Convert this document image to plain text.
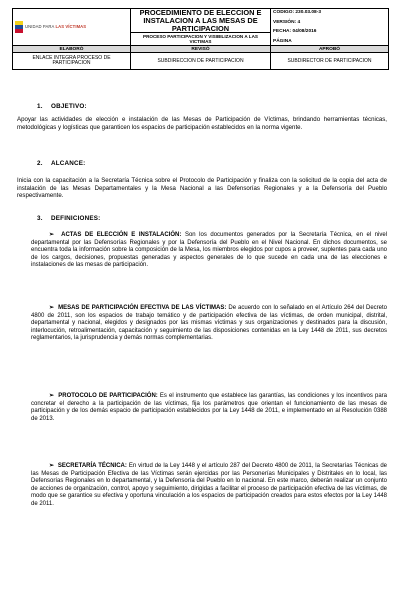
UNIDAD PARA LAS VÍCTIMAS	PROCEDIMIENTO DE ELECCION E INSTALACION A LAS MESAS DE PARTICIPACION	CODIGO: 230.03.08-3
VERSIÓN: 4
FECHA: 04/08/2016
PÁGINA

	PROCESO PARTICIPACION Y VISIBILIZACION A LAS VICTIMAS	
ELABORÓ	REVISÓ	APROBÓ
ENLACE INTEGRA PROCESO DE PARTICIPACION	SUBDIRECCION DE PARTICIPACION	SUBDIRECTOR DE PARTICIPACION
1. OBJETIVO:

Apoyar las actividades de elección e instalación de las Mesas de Participación de Víctimas, brindando herramientas técnicas, metodológicas y logísticas que garanticen los espacios de participación establecidos en la norma vigente.

2. ALCANCE:

Inicia con la capacitación a la Secretaría Técnica sobre el Protocolo de Participación y finaliza con la solicitud de la copia del acta de instalación de las Mesas Departamentales y la Mesa Nacional a las Defensorías Regionales y a la Defensoría del Pueblo respectivamente.

3. DEFINICIONES:

➢ ACTAS DE ELECCIÓN E INSTALACIÓN: Son los documentos generados por la Secretaría Técnica, en el nivel departamental por las Defensorías Regionales y por la Defensoría del Pueblo en el Nivel Nacional. En dichos documentos, se encuentra toda la información sobre la composición de la Mesa, los miembros elegidos por cupos a proveer, suplentes para cada uno de los cargos, decisiones, propuestas generadas y aspectos generales de lo que sucede en cada una de las elecciones e instalaciones de las mesas de participación.

➢ MESAS DE PARTICIPACIÓN EFECTIVA DE LAS VÍCTIMAS: De acuerdo con lo señalado en el Artículo 264 del Decreto 4800 de 2011, son los espacios de trabajo temático y de participación efectiva de las víctimas, de orden municipal, distrital, departamental y nacional, elegidos y designados por las mismas víctimas y sus organizaciones y destinados para la discusión, interlocución, retroalimentación, capacitación y seguimiento de las disposiciones contenidas en la Ley 1448 de 2011, sus decretos reglamentarios, la jurisprudencia y demás normas complementarias.

➢ PROTOCOLO DE PARTICIPACIÓN: Es el instrumento que establece las garantías, las condiciones y los incentivos para concretar el derecho a la participación de las víctimas, fija los parámetros que orientan el funcionamiento de las mesas de participación y de los demás espacio de participación establecidos por la Ley 1448 de 2011, e implementado en al Resolución 0388 de 2013.

➢ SECRETARÍA TÉCNICA: En virtud de la Ley 1448 y el artículo 287 del Decreto 4800 de 2011, la Secretarías Técnicas de las Mesas de Participación Efectiva de las Víctimas serán ejercidas por las Personerías Municipales y Distritales en lo local, las Defensorías Regionales en lo departamental, y la Defensoría del Pueblo en lo nacional. En este marco, deberán realizar un conjunto de acciones de organización, control, apoyo y seguimiento, dirigidas a facilitar el proceso de participación efectiva de las víctimas, de modo que se garantice su efectiva y oportuna vinculación a los espacios de participación creados para estos efectos por la Ley 1448 de 2011.
